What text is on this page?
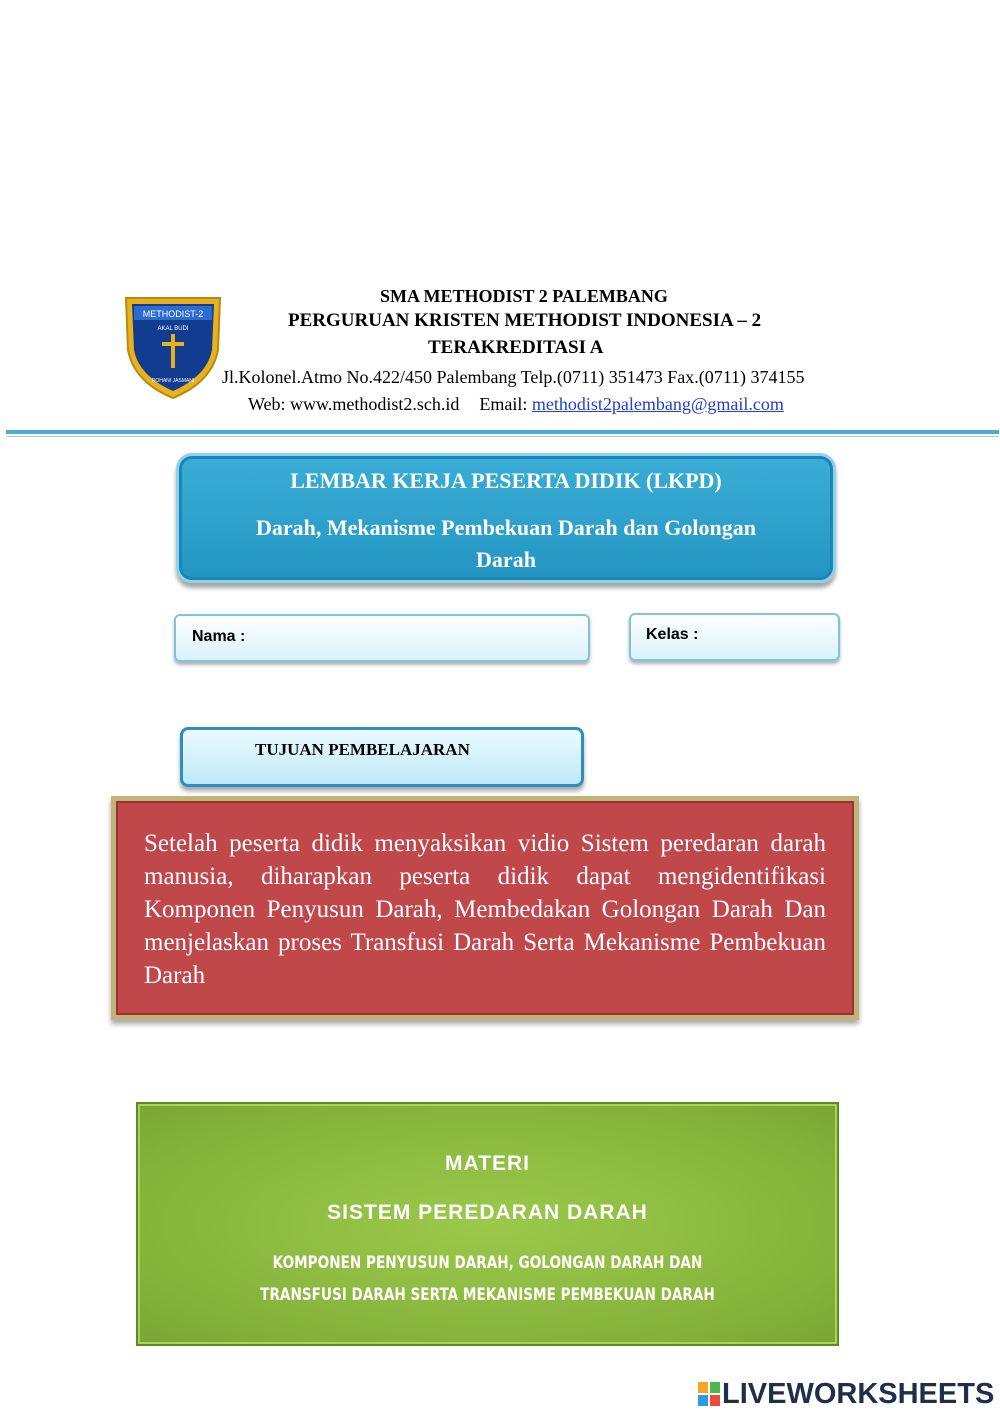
METHODIST-2
AKAL BUDI
ROHANI JASMANI
SMA METHODIST 2 PALEMBANG
PERGURUAN KRISTEN METHODIST INDONESIA – 2
TERAKREDITASI A
Jl.Kolonel.Atmo No.422/450 Palembang Telp.(0711) 351473 Fax.(0711) 374155
Web: www.methodist2.sch.id Email: methodist2palembang@gmail.com
LEMBAR KERJA PESERTA DIDIK (LKPD)
Darah, Mekanisme Pembekuan Darah dan Golongan Darah
Nama :	Kelas :
TUJUAN PEMBELAJARAN
Setelah peserta didik menyaksikan vidio Sistem peredaran darah manusia, diharapkan peserta didik dapat mengidentifikasi Komponen Penyusun Darah, Membedakan Golongan Darah Dan menjelaskan proses Transfusi Darah Serta Mekanisme Pembekuan Darah
MATERI
SISTEM PEREDARAN DARAH
KOMPONEN PENYUSUN DARAH, GOLONGAN DARAH DAN TRANSFUSI DARAH SERTA MEKANISME PEMBEKUAN DARAH
LIVEWORKSHEETS
